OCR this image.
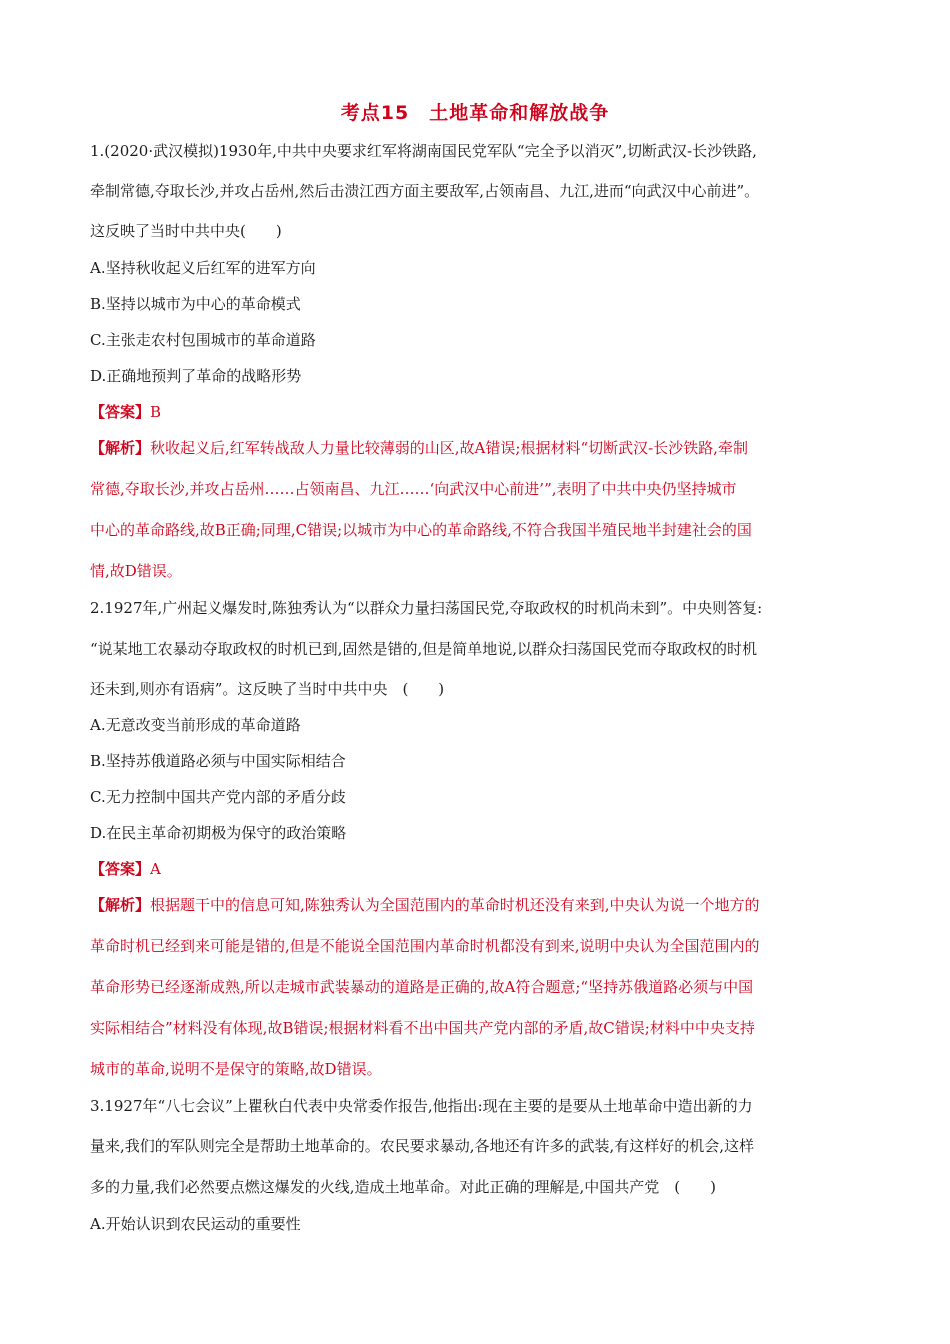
考点15　土地革命和解放战争
1.(2020·武汉模拟)1930年,中共中央要求红军将湖南国民党军队“完全予以消灭”,切断武汉-长沙铁路,
牵制常德,夺取长沙,并攻占岳州,然后击溃江西方面主要敌军,占领南昌、九江,进而“向武汉中心前进”。
这反映了当时中共中央(　　)
A.坚持秋收起义后红军的进军方向
B.坚持以城市为中心的革命模式
C.主张走农村包围城市的革命道路
D.正确地预判了革命的战略形势
【答案】B
【解析】秋收起义后,红军转战敌人力量比较薄弱的山区,故A错误;根据材料“切断武汉-长沙铁路,牵制
常德,夺取长沙,并攻占岳州……占领南昌、九江……‘向武汉中心前进’”,表明了中共中央仍坚持城市
中心的革命路线,故B正确;同理,C错误;以城市为中心的革命路线,不符合我国半殖民地半封建社会的国
情,故D错误。
2.1927年,广州起义爆发时,陈独秀认为“以群众力量扫荡国民党,夺取政权的时机尚未到”。中央则答复:
“说某地工农暴动夺取政权的时机已到,固然是错的,但是简单地说,以群众扫荡国民党而夺取政权的时机
还未到,则亦有语病”。这反映了当时中共中央　(　　)
A.无意改变当前形成的革命道路
B.坚持苏俄道路必须与中国实际相结合
C.无力控制中国共产党内部的矛盾分歧
D.在民主革命初期极为保守的政治策略
【答案】A
【解析】根据题干中的信息可知,陈独秀认为全国范围内的革命时机还没有来到,中央认为说一个地方的
革命时机已经到来可能是错的,但是不能说全国范围内革命时机都没有到来,说明中央认为全国范围内的
革命形势已经逐渐成熟,所以走城市武装暴动的道路是正确的,故A符合题意;“坚持苏俄道路必须与中国
实际相结合”材料没有体现,故B错误;根据材料看不出中国共产党内部的矛盾,故C错误;材料中中央支持
城市的革命,说明不是保守的策略,故D错误。
3.1927年“八七会议”上瞿秋白代表中央常委作报告,他指出:现在主要的是要从土地革命中造出新的力
量来,我们的军队则完全是帮助土地革命的。农民要求暴动,各地还有许多的武装,有这样好的机会,这样
多的力量,我们必然要点燃这爆发的火线,造成土地革命。对此正确的理解是,中国共产党　(　　)
A.开始认识到农民运动的重要性
